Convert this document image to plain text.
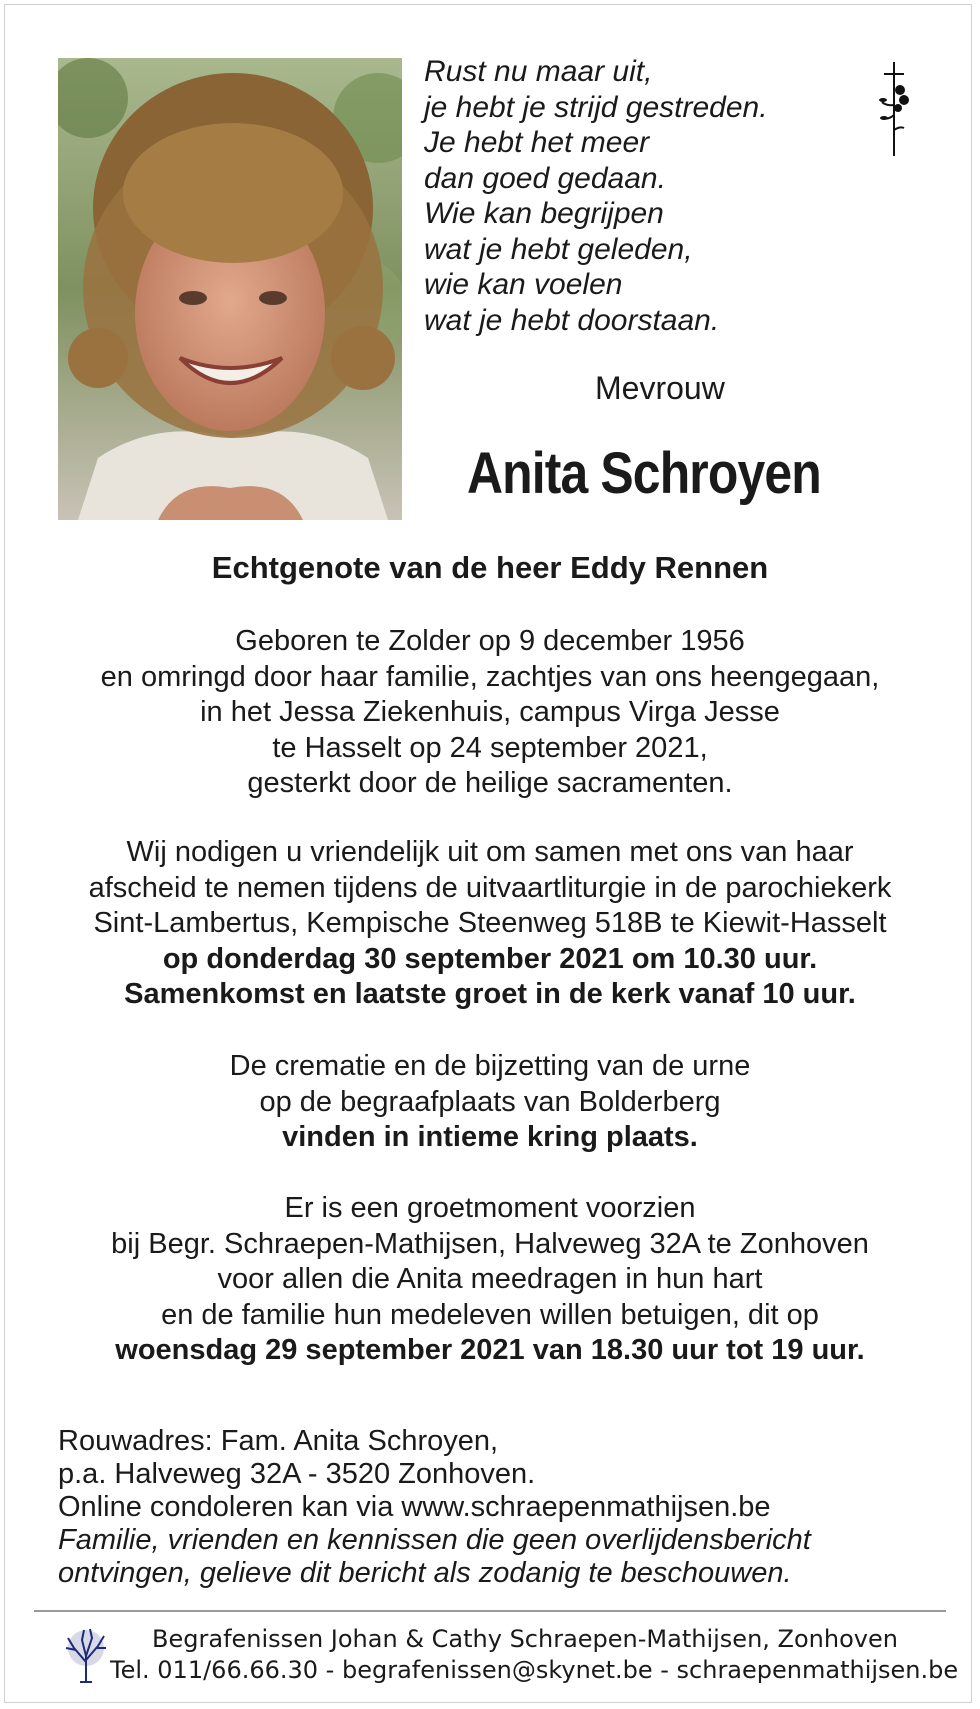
Rust nu maar uit,
je hebt je strijd gestreden.
Je hebt het meer
dan goed gedaan.
Wie kan begrijpen
wat je hebt geleden,
wie kan voelen
wat je hebt doorstaan.
Mevrouw
Anita Schroyen
Echtgenote van de heer Eddy Rennen
Geboren te Zolder op 9 december 1956
en omringd door haar familie, zachtjes van ons heengegaan,
in het Jessa Ziekenhuis, campus Virga Jesse
te Hasselt op 24 september 2021,
gesterkt door de heilige sacramenten.
Wij nodigen u vriendelijk uit om samen met ons van haar
afscheid te nemen tijdens de uitvaartliturgie in de parochiekerk
Sint-Lambertus, Kempische Steenweg 518B te Kiewit-Hasselt
op donderdag 30 september 2021 om 10.30 uur.
Samenkomst en laatste groet in de kerk vanaf 10 uur.
De crematie en de bijzetting van de urne
op de begraafplaats van Bolderberg
vinden in intieme kring plaats.
Er is een groetmoment voorzien
bij Begr. Schraepen-Mathijsen, Halveweg 32A te Zonhoven
voor allen die Anita meedragen in hun hart
en de familie hun medeleven willen betuigen, dit op
woensdag 29 september 2021 van 18.30 uur tot 19 uur.
Rouwadres: Fam. Anita Schroyen,
p.a. Halveweg 32A - 3520 Zonhoven.
Online condoleren kan via www.schraepenmathijsen.be
Familie, vrienden en kennissen die geen overlijdensbericht
ontvingen, gelieve dit bericht als zodanig te beschouwen.
Begrafenissen Johan & Cathy Schraepen-Mathijsen, Zonhoven
Tel. 011/66.66.30 - begrafenissen@skynet.be - schraepenmathijsen.be
